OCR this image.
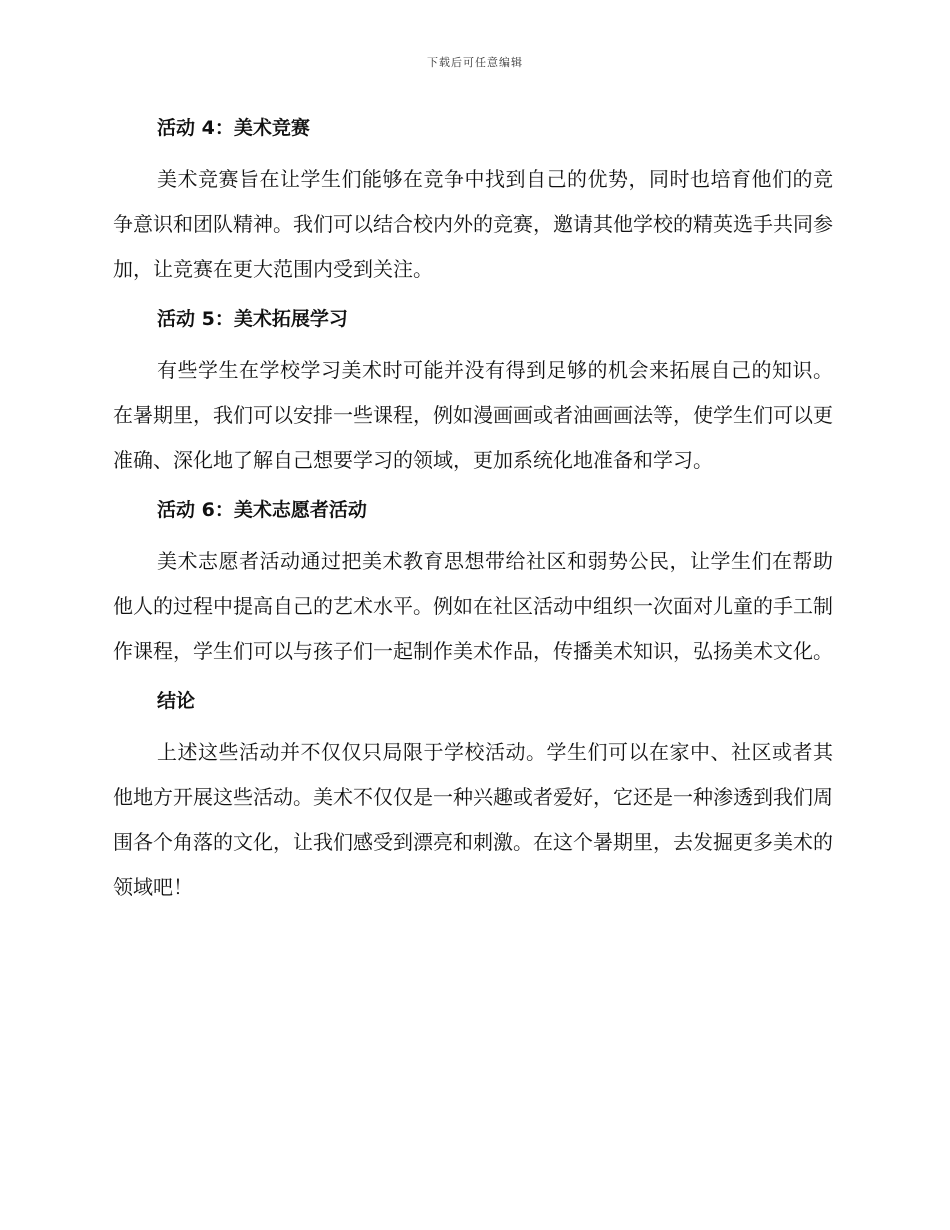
下载后可任意编辑
活动 4：美术竞赛

美术竞赛旨在让学生们能够在竞争中找到自己的优势，同时也培育他们的竞争意识和团队精神。我们可以结合校内外的竞赛，邀请其他学校的精英选手共同参加，让竞赛在更大范围内受到关注。

活动 5：美术拓展学习

有些学生在学校学习美术时可能并没有得到足够的机会来拓展自己的知识。在暑期里，我们可以安排一些课程，例如漫画画或者油画画法等，使学生们可以更准确、深化地了解自己想要学习的领域，更加系统化地准备和学习。

活动 6：美术志愿者活动

美术志愿者活动通过把美术教育思想带给社区和弱势公民，让学生们在帮助他人的过程中提高自己的艺术水平。例如在社区活动中组织一次面对儿童的手工制作课程，学生们可以与孩子们一起制作美术作品，传播美术知识，弘扬美术文化。

结论

上述这些活动并不仅仅只局限于学校活动。学生们可以在家中、社区或者其他地方开展这些活动。美术不仅仅是一种兴趣或者爱好，它还是一种渗透到我们周围各个角落的文化，让我们感受到漂亮和刺激。在这个暑期里，去发掘更多美术的领域吧！
